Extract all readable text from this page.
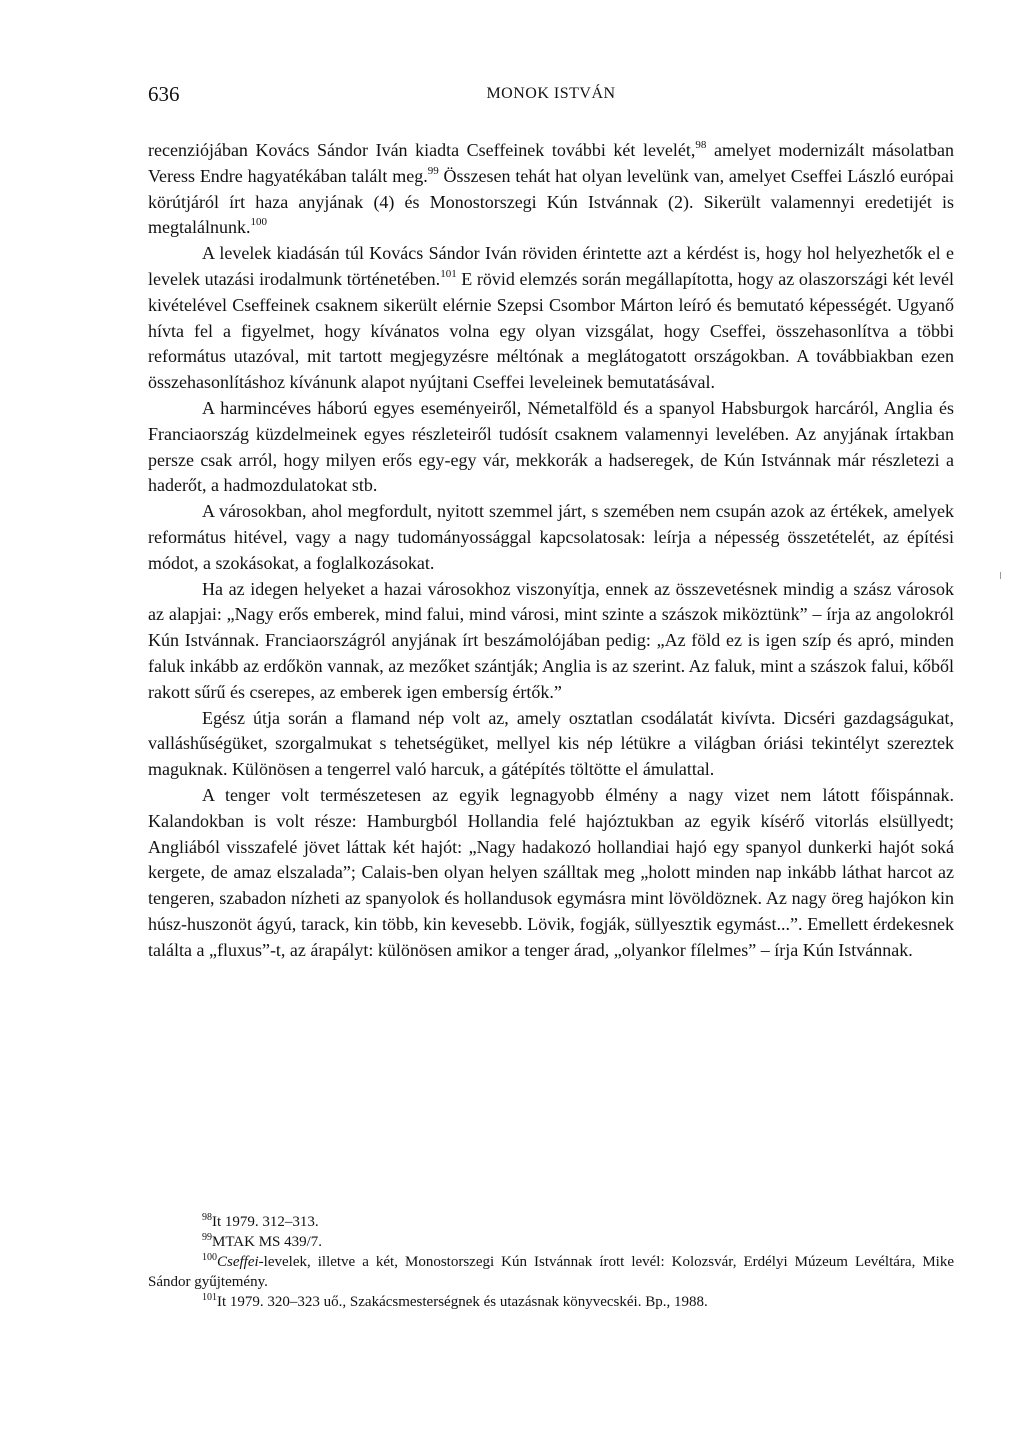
636	MONOK ISTVÁN

recenziójában Kovács Sándor Iván kiadta Cseffeinek további két levelét,$^{98}$ amelyet modernizált másolatban Veress Endre hagyatékában talált meg.$^{99}$ Összesen tehát hat olyan levelünk van, amelyet Cseffei László európai körútjáról írt haza anyjának (4) és Monostorszegi Kún Istvánnak (2). Sikerült valamennyi eredetijét is megtalálnunk.$^{100}$

A levelek kiadásán túl Kovács Sándor Iván röviden érintette azt a kérdést is, hogy hol helyezhetők el e levelek utazási irodalmunk történetében.$^{101}$ E rövid elemzés során megállapította, hogy az olaszországi két levél kivételével Cseffeinek csaknem sikerült elérnie Szepsi Csombor Márton leíró és bemutató képességét. Ugyanő hívta fel a figyelmet, hogy kívánatos volna egy olyan vizsgálat, hogy Cseffei, összehasonlítva a többi református utazóval, mit tartott megjegyzésre méltónak a meglátogatott országokban. A továbbiakban ezen összehasonlításhoz kívánunk alapot nyújtani Cseffei leveleinek bemutatásával.

A harmincéves háború egyes eseményeiről, Németalföld és a spanyol Habsburgok harcáról, Anglia és Franciaország küzdelmeinek egyes részleteiről tudósít csaknem valamennyi levelében. Az anyjának írtakban persze csak arról, hogy milyen erős egy-egy vár, mekkorák a hadseregek, de Kún Istvánnak már részletezi a haderőt, a hadmozdulatokat stb.

A városokban, ahol megfordult, nyitott szemmel járt, s szemében nem csupán azok az értékek, amelyek református hitével, vagy a nagy tudományossággal kapcsolatosak: leírja a népesség összetételét, az építési módot, a szokásokat, a foglalkozásokat.

Ha az idegen helyeket a hazai városokhoz viszonyítja, ennek az összevetésnek mindig a szász városok az alapjai: „Nagy erős emberek, mind falui, mind városi, mint szinte a szászok miköztünk” – írja az angolokról Kún Istvánnak. Franciaországról anyjának írt beszámolójában pedig: „Az föld ez is igen szíp és apró, minden faluk inkább az erdőkön vannak, az mezőket szántják; Anglia is az szerint. Az faluk, mint a szászok falui, kőből rakott sűrű és cserepes, az emberek igen embersíg értők.”

Egész útja során a flamand nép volt az, amely osztatlan csodálatát kivívta. Dicséri gazdagságukat, valláshűségüket, szorgalmukat s tehetségüket, mellyel kis nép létükre a világban óriási tekintélyt szereztek maguknak. Különösen a tengerrel való harcuk, a gátépítés töltötte el ámulattal.

A tenger volt természetesen az egyik legnagyobb élmény a nagy vizet nem látott főispánnak. Kalandokban is volt része: Hamburgból Hollandia felé hajóztukban az egyik kísérő vitorlás elsüllyedt; Angliából visszafelé jövet láttak két hajót: „Nagy hadakozó hollandiai hajó egy spanyol dunkerki hajót soká kergete, de amaz elszalada”; Calais-ben olyan helyen szálltak meg „holott minden nap inkább láthat harcot az tengeren, szabadon nízheti az spanyolok és hollandusok egymásra mint lövöldöznek. Az nagy öreg hajókon kin húsz-huszonöt ágyú, tarack, kin több, kin kevesebb. Lövik, fogják, süllyesztik egymást...”. Emellett érdekesnek találta a „fluxus”-t, az árapályt: különösen amikor a tenger árad, „olyankor fílelmes” – írja Kún Istvánnak.

$^{98}$It 1979. 312–313.

$^{99}$MTAK MS 439/7.

$^{100}$Cseffei-levelek, illetve a két, Monostorszegi Kún Istvánnak írott levél: Kolozsvár, Erdélyi Múzeum Levéltára, Mike Sándor gyűjtemény.

$^{101}$It 1979. 320–323 uő., Szakácsmesterségnek és utazásnak könyvecskéi. Bp., 1988.
